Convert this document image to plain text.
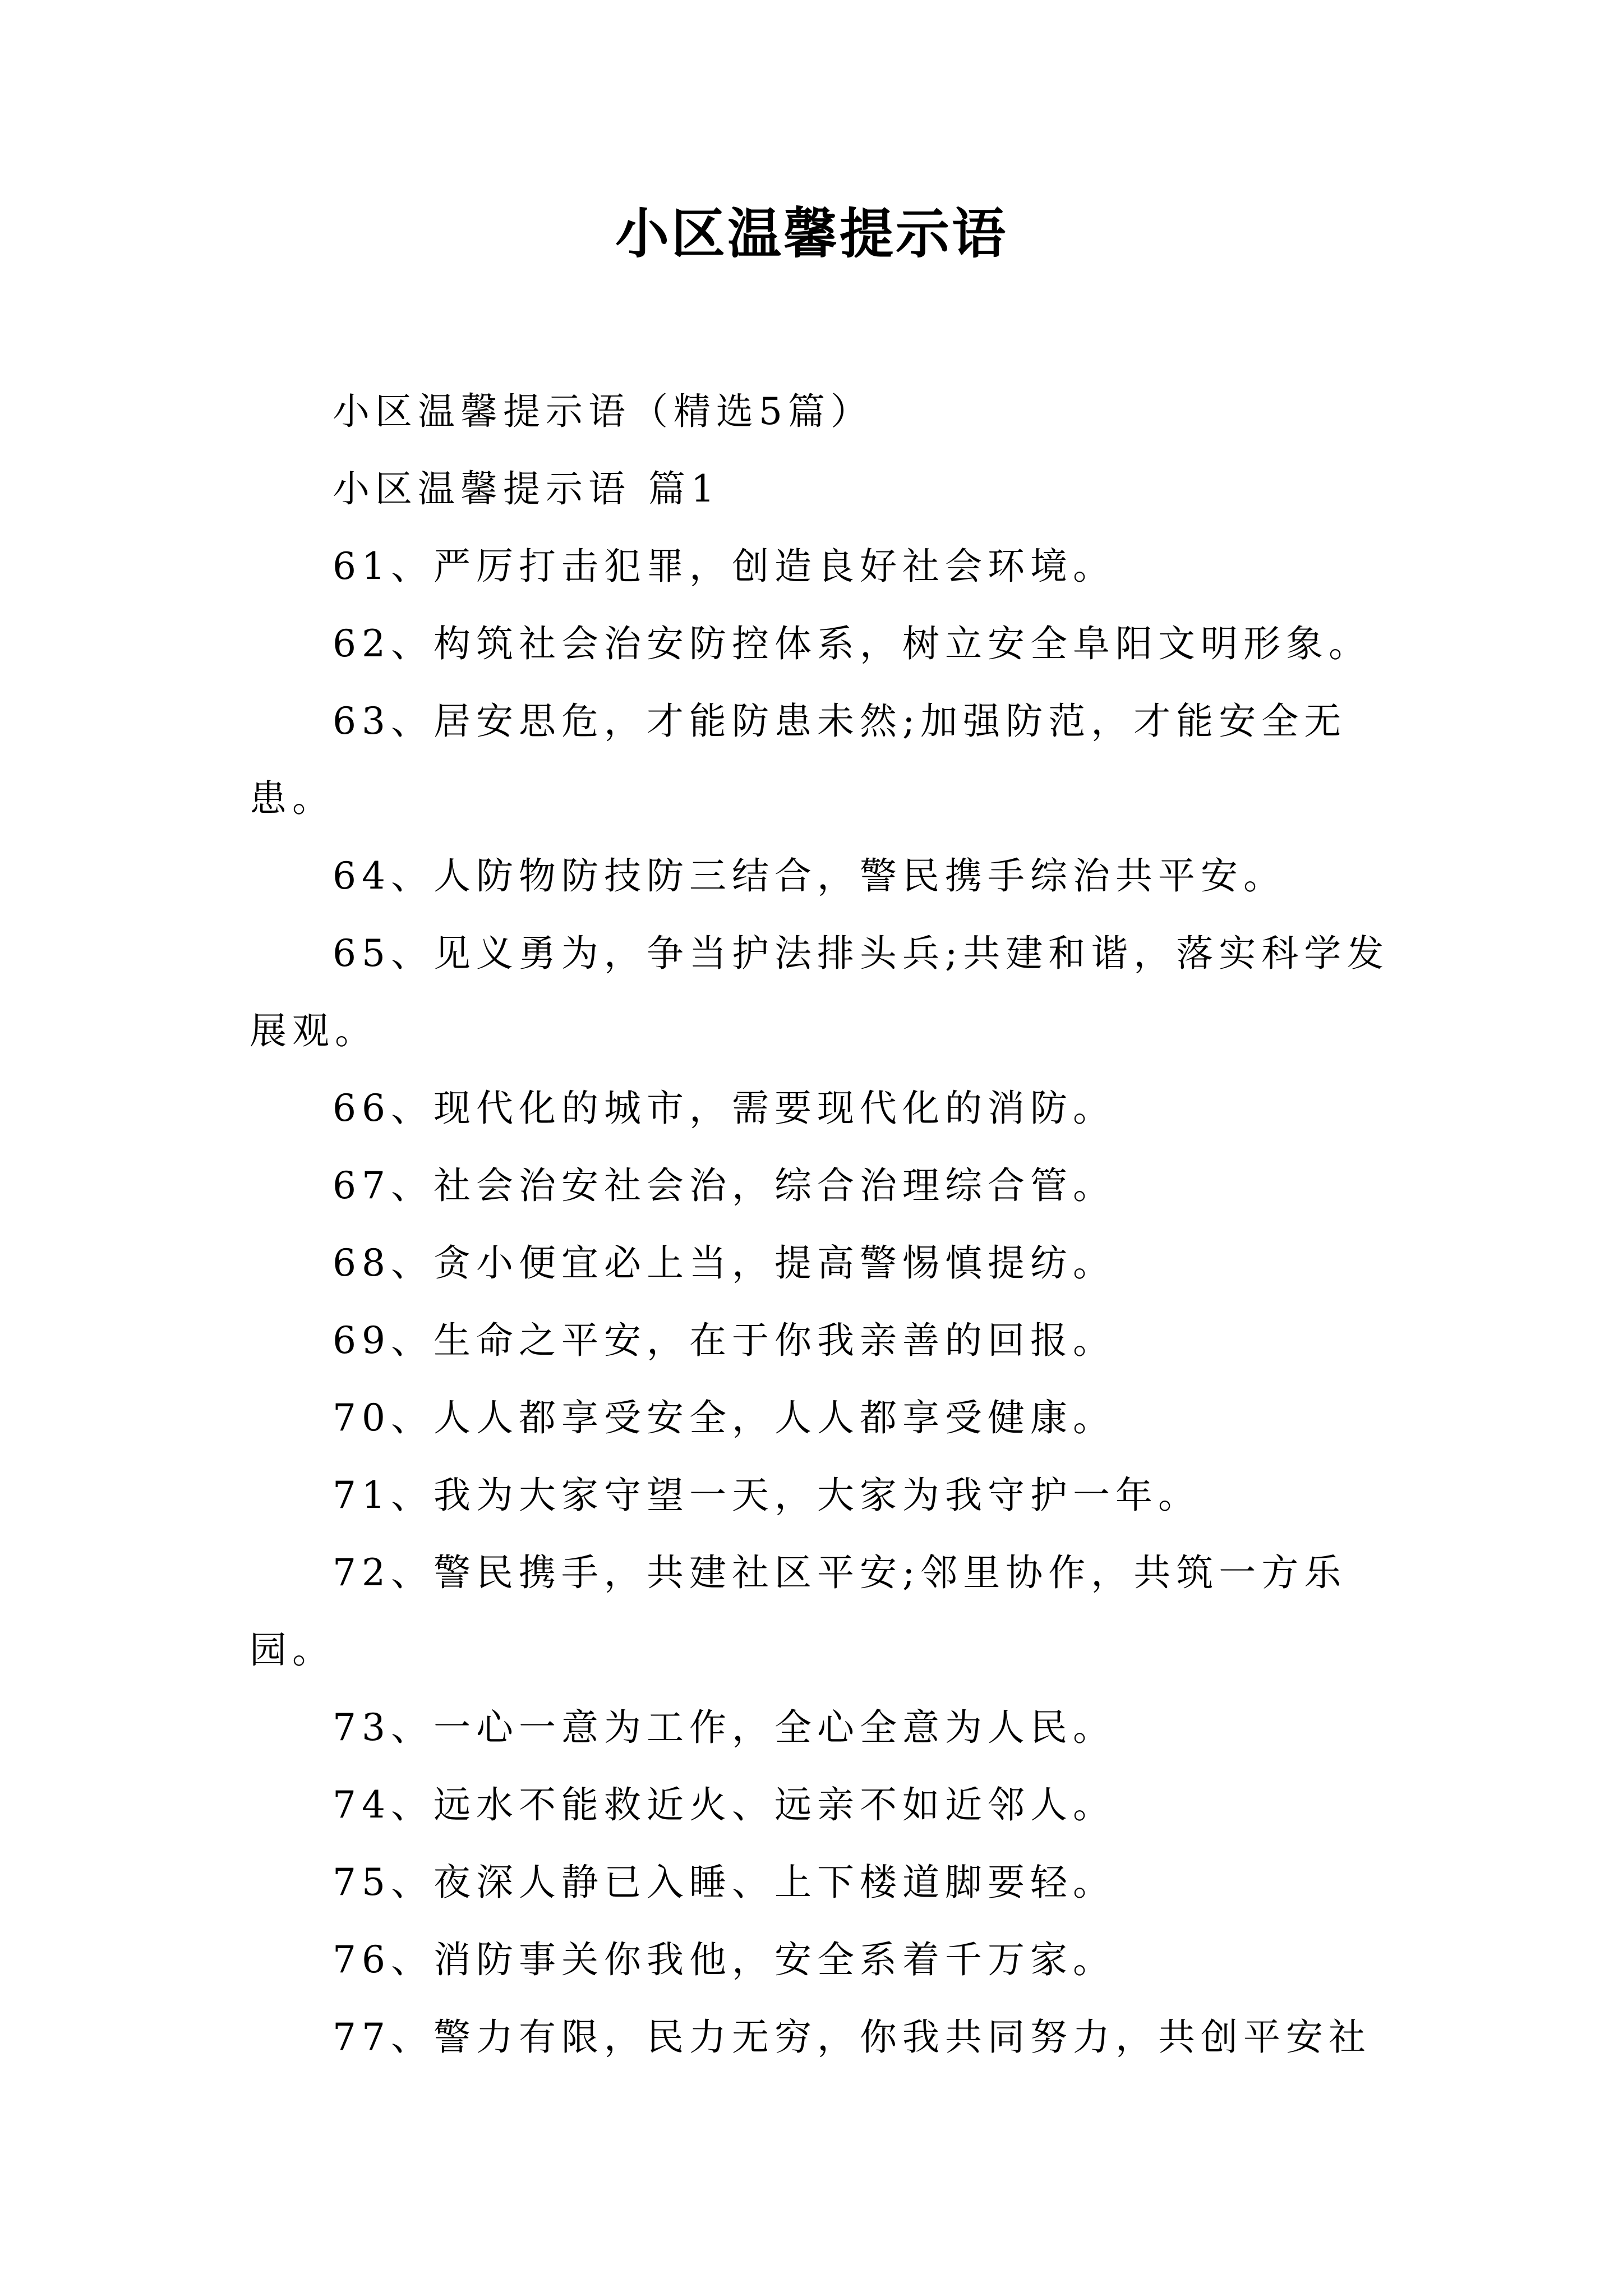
小区温馨提示语

小区温馨提示语（精选5篇）

小区温馨提示语 篇1

61、严厉打击犯罪，创造良好社会环境。

62、构筑社会治安防控体系，树立安全阜阳文明形象。

63、居安思危，才能防患未然;加强防范，才能安全无患。

64、人防物防技防三结合，警民携手综治共平安。

65、见义勇为，争当护法排头兵;共建和谐，落实科学发展观。

66、现代化的城市，需要现代化的消防。

67、社会治安社会治，综合治理综合管。

68、贪小便宜必上当，提高警惕慎提纺。

69、生命之平安，在于你我亲善的回报。

70、人人都享受安全，人人都享受健康。

71、我为大家守望一天，大家为我守护一年。

72、警民携手，共建社区平安;邻里协作，共筑一方乐园。

73、一心一意为工作，全心全意为人民。

74、远水不能救近火、远亲不如近邻人。

75、夜深人静已入睡、上下楼道脚要轻。

76、消防事关你我他，安全系着千万家。

77、警力有限，民力无穷，你我共同努力，共创平安社
